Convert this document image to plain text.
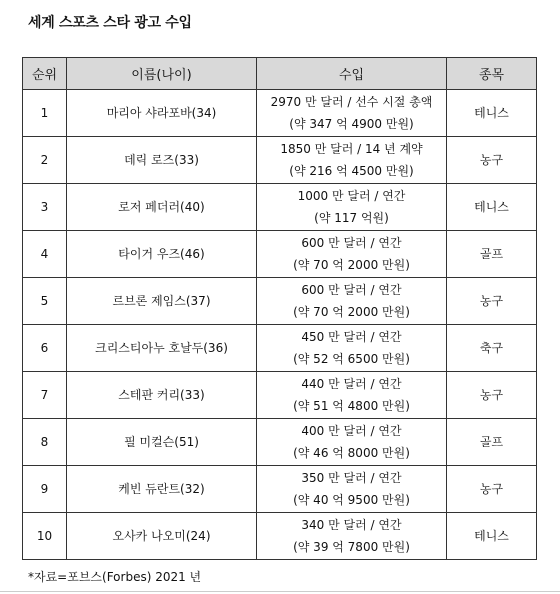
세계 스포츠 스타 광고 수입
순위	이름(나이)	수입	종목
1	마리아 샤라포바(34)	2970 만 달러 / 선수 시절 총액
(약 347 억 4900 만원)	테니스
2	데릭 로즈(33)	1850 만 달러 / 14 년 계약
(약 216 억 4500 만원)	농구
3	로저 페더러(40)	1000 만 달러 / 연간
(약 117 억원)	테니스
4	타이거 우즈(46)	600 만 달러 / 연간
(약 70 억 2000 만원)	골프
5	르브론 제임스(37)	600 만 달러 / 연간
(약 70 억 2000 만원)	농구
6	크리스티아누 호날두(36)	450 만 달러 / 연간
(약 52 억 6500 만원)	축구
7	스테판 커리(33)	440 만 달러 / 연간
(약 51 억 4800 만원)	농구
8	필 미컬슨(51)	400 만 달러 / 연간
(약 46 억 8000 만원)	골프
9	케빈 듀란트(32)	350 만 달러 / 연간
(약 40 억 9500 만원)	농구
10	오사카 나오미(24)	340 만 달러 / 연간
(약 39 억 7800 만원)	테니스
*자료=포브스(Forbes) 2021 년
